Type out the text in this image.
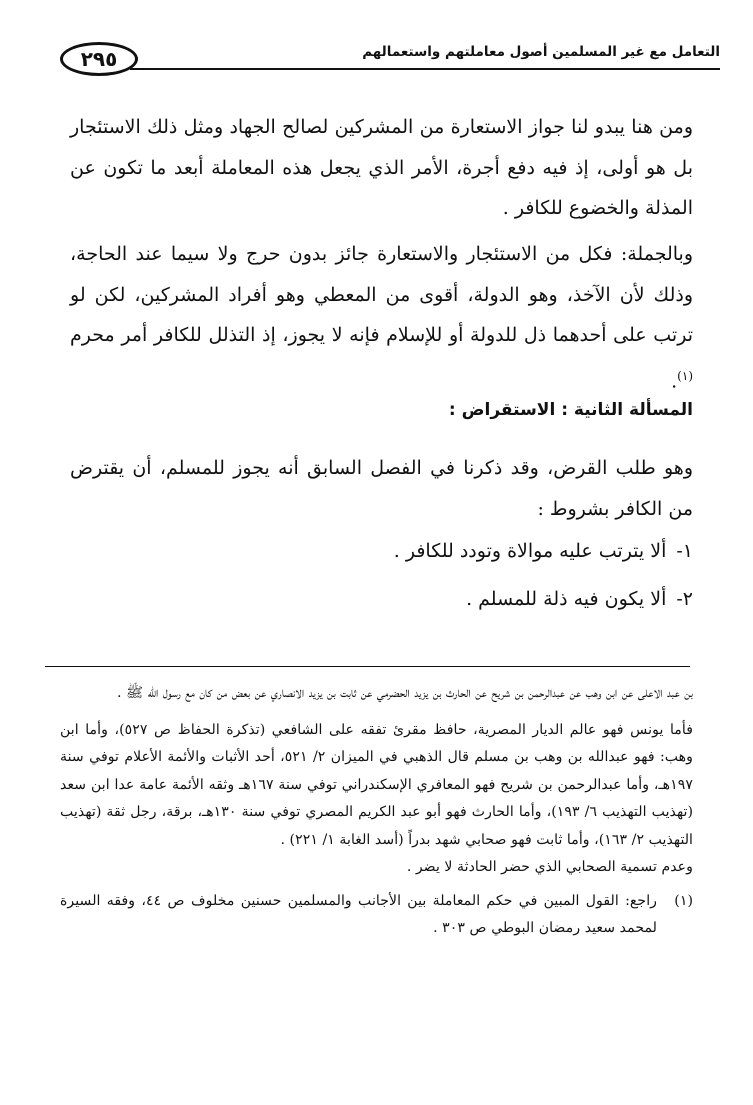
التعامل مع غير المسلمين أصول معاملتهم واستعمالهم
٢٩٥

ومن هنا يبدو لنا جواز الاستعارة من المشركين لصالح الجهاد ومثل ذلك الاستئجار بل هو أولى، إذ فيه دفع أجرة، الأمر الذي يجعل هذه المعاملة أبعد ما تكون عن المذلة والخضوع للكافر .

وبالجملة: فكل من الاستئجار والاستعارة جائز بدون حرج ولا سيما عند الحاجة، وذلك لأن الآخذ، وهو الدولة، أقوى من المعطي وهو أفراد المشركين، لكن لو ترتب على أحدهما ذل للدولة أو للإسلام فإنه لا يجوز، إذ التذلل للكافر أمر محرم $^{(١)}$.

المسألة الثانية : الاستقراض :

وهو طلب القرض، وقد ذكرنا في الفصل السابق أنه يجوز للمسلم، أن يقترض من الكافر بشروط :

١-ألا يترتب عليه موالاة وتودد للكافر .
٢-ألا يكون فيه ذلة للمسلم .

بن عبد الاعلى عن ابن وهب عن عبدالرحمن بن شريح عن الحارث بن يزيد الحضرمي عن ثابت بن يزيد الانصاري عن بعض من كان مع رسول الله ﷺ .

فأما يونس فهو عالم الديار المصرية، حافظ مقرئ تفقه على الشافعي (تذكرة الحفاظ ص ٥٢٧)، وأما ابن وهب: فهو عبدالله بن وهب بن مسلم قال الذهبي في الميزان ٢/ ٥٢١، أحد الأثبات والأئمة الأعلام توفي سنة ١٩٧هـ، وأما عبدالرحمن بن شريح فهو المعافري الإسكندراني توفي سنة ١٦٧هـ وثقه الأئمة عامة عدا ابن سعد (تهذيب التهذيب ٦/ ١٩٣)، وأما الحارث فهو أبو عبد الكريم المصري توفي سنة ١٣٠هـ، برقة، رجل ثقة (تهذيب التهذيب ٢/ ١٦٣)، وأما ثابت فهو صحابي شهد بدراً (أسد الغابة ١/ ٢٢١) .

وعدم تسمية الصحابي الذي حضر الحادثة لا يضر .

(١)
راجع: القول المبين في حكم المعاملة بين الأجانب والمسلمين حسنين مخلوف ص ٤٤، وفقه السيرة لمحمد سعيد رمضان البوطي ص ٣٠٣ .
